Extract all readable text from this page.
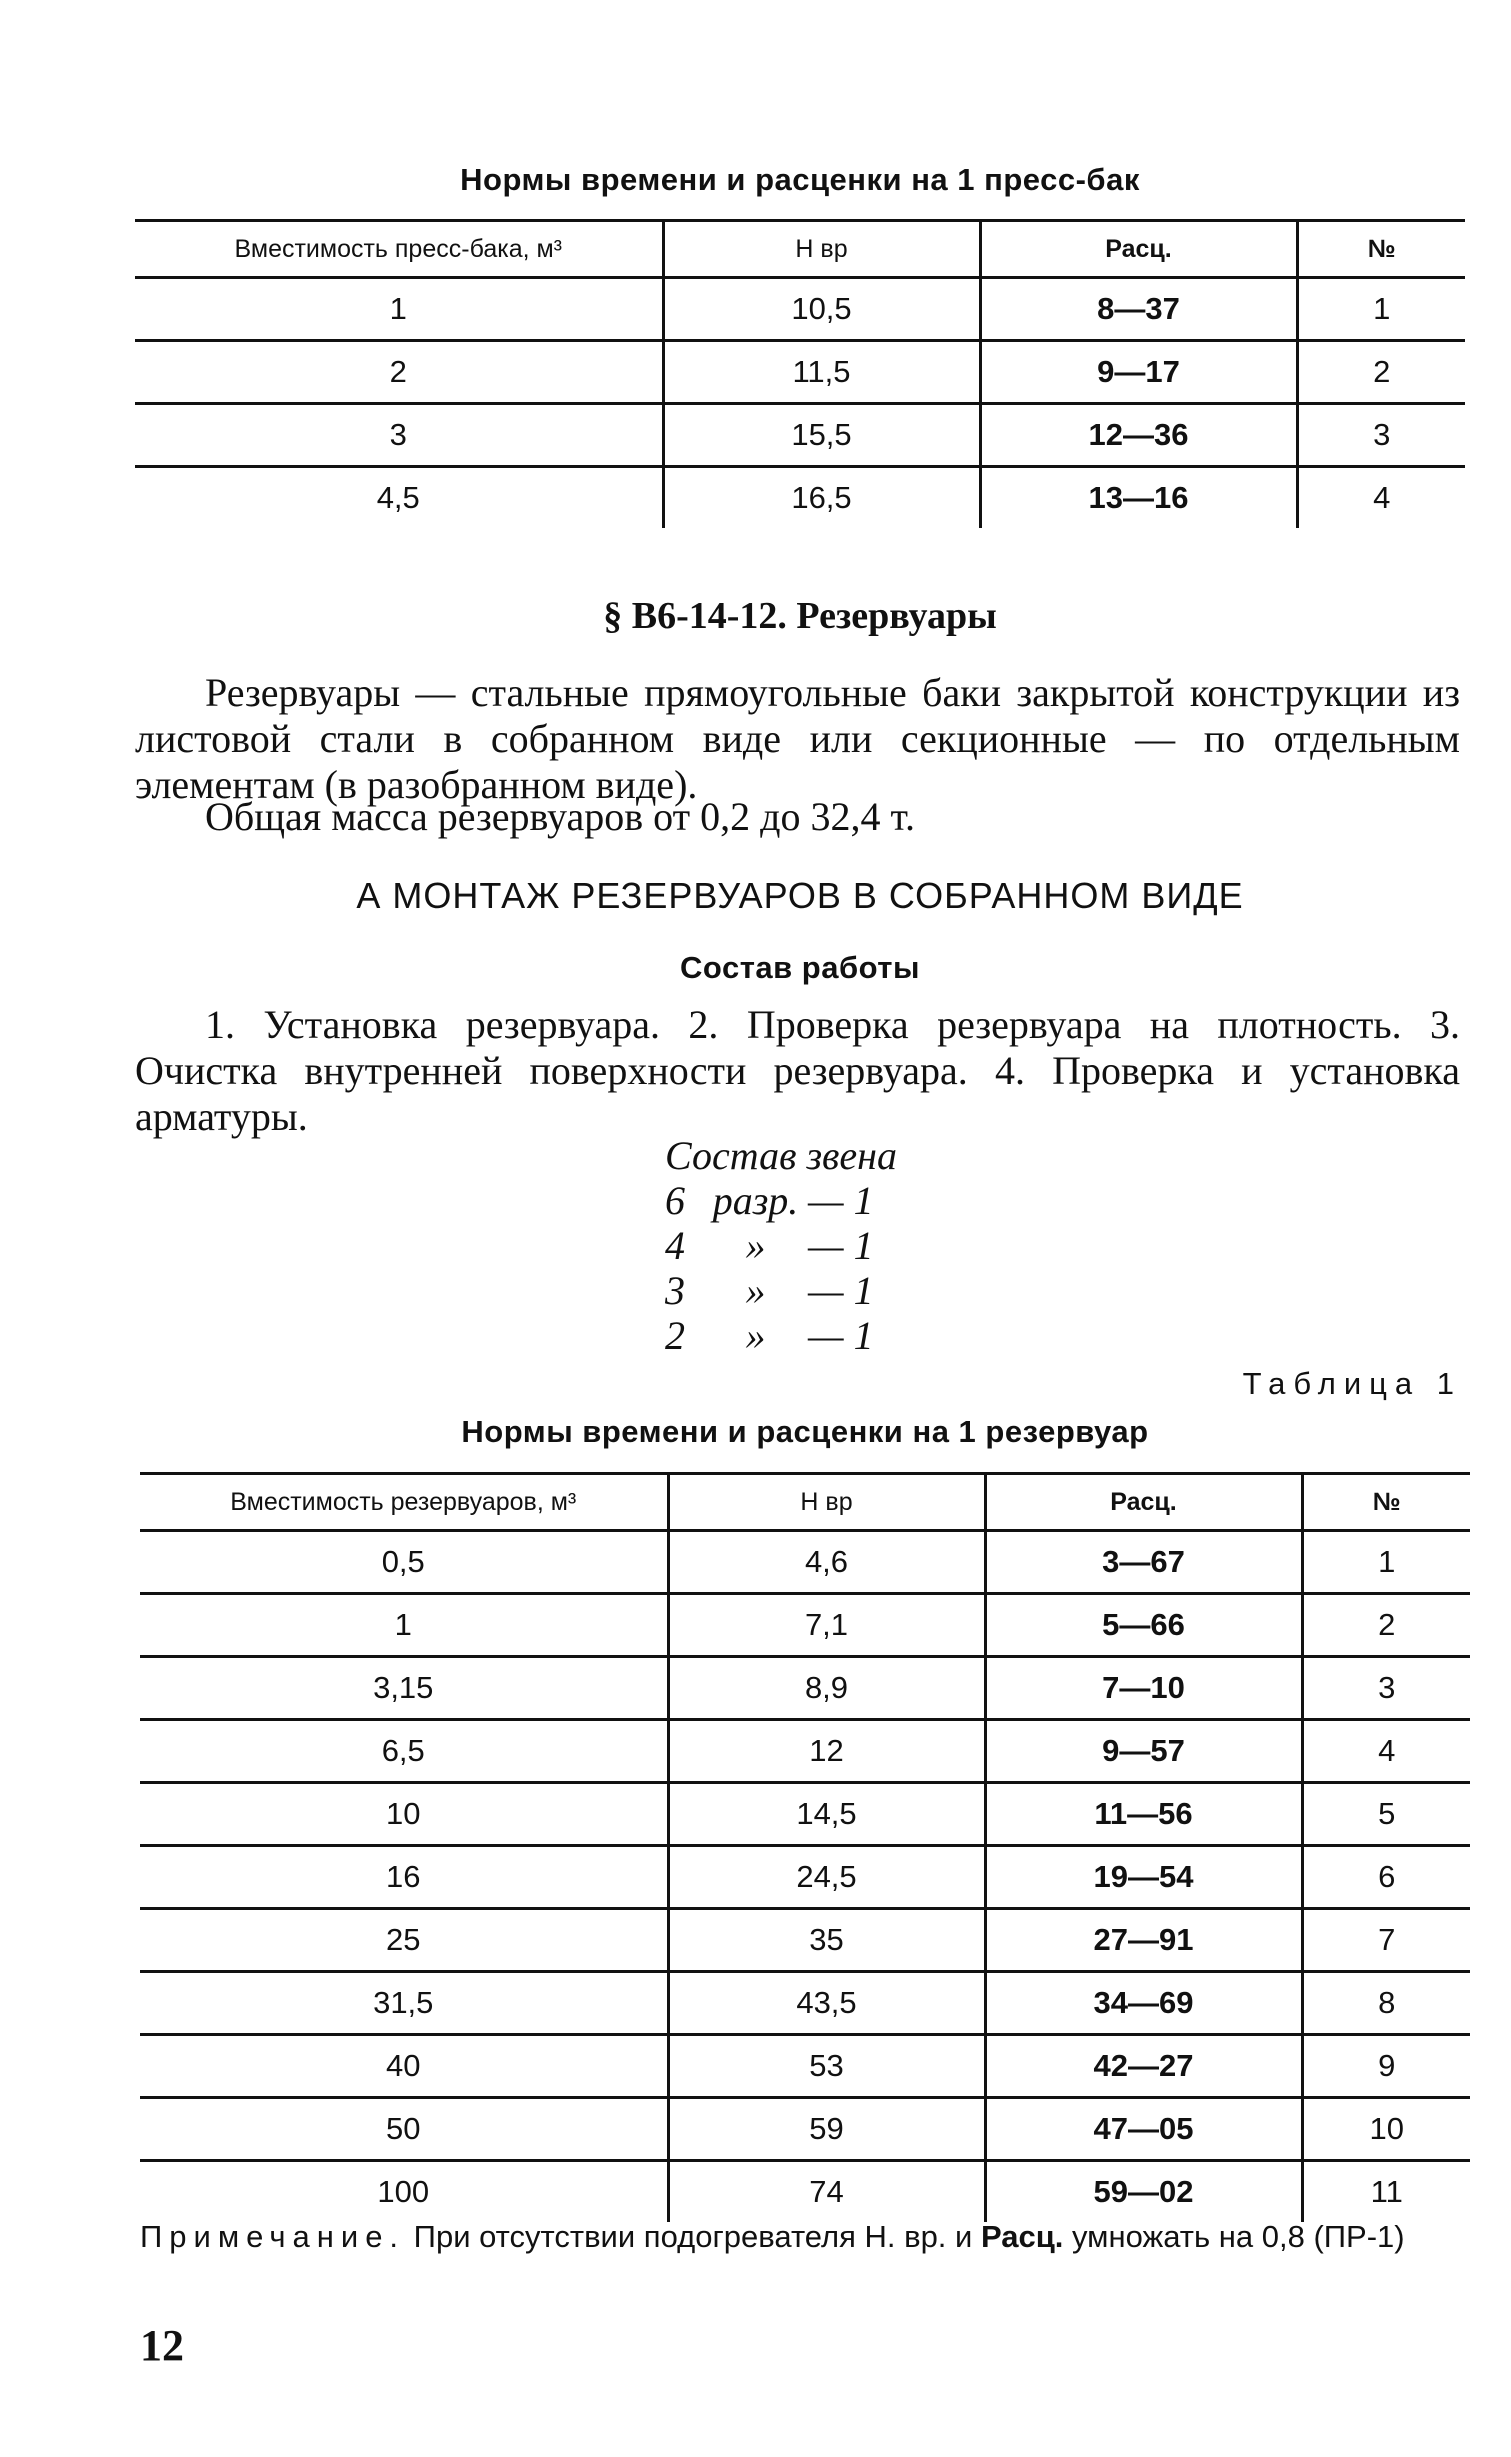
Нормы времени и расценки на 1 пресс-бак
Вместимость пресс-бака, м³	Н вр	Расц.	№
1	10,5	8—37	1
2	11,5	9—17	2
3	15,5	12—36	3
4,5	16,5	13—16	4
§ В6-14-12. Резервуары
Резервуары — стальные прямоугольные баки закрытой конструкции из листовой стали в собранном виде или секционные — по отдельным элементам (в разобранном виде).
Общая масса резервуаров от 0,2 до 32,4 т.
А МОНТАЖ РЕЗЕРВУАРОВ В СОБРАННОМ ВИДЕ
Состав работы
1. Установка резервуара. 2. Проверка резервуара на плотность. 3. Очистка внутренней поверхности резервуара. 4. Проверка и установка арматуры.
Состав звена
6 разр. — 1
4 » — 1
3 » — 1
2 » — 1
Таблица 1
Нормы времени и расценки на 1 резервуар
Вместимость резервуаров, м³	Н вр	Расц.	№
0,5	4,6	3—67	1
1	7,1	5—66	2
3,15	8,9	7—10	3
6,5	12	9—57	4
10	14,5	11—56	5
16	24,5	19—54	6
25	35	27—91	7
31,5	43,5	34—69	8
40	53	42—27	9
50	59	47—05	10
100	74	59—02	11
Примечание. При отсутствии подогревателя Н. вр. и Расц. умножать на 0,8 (ПР-1)
12
